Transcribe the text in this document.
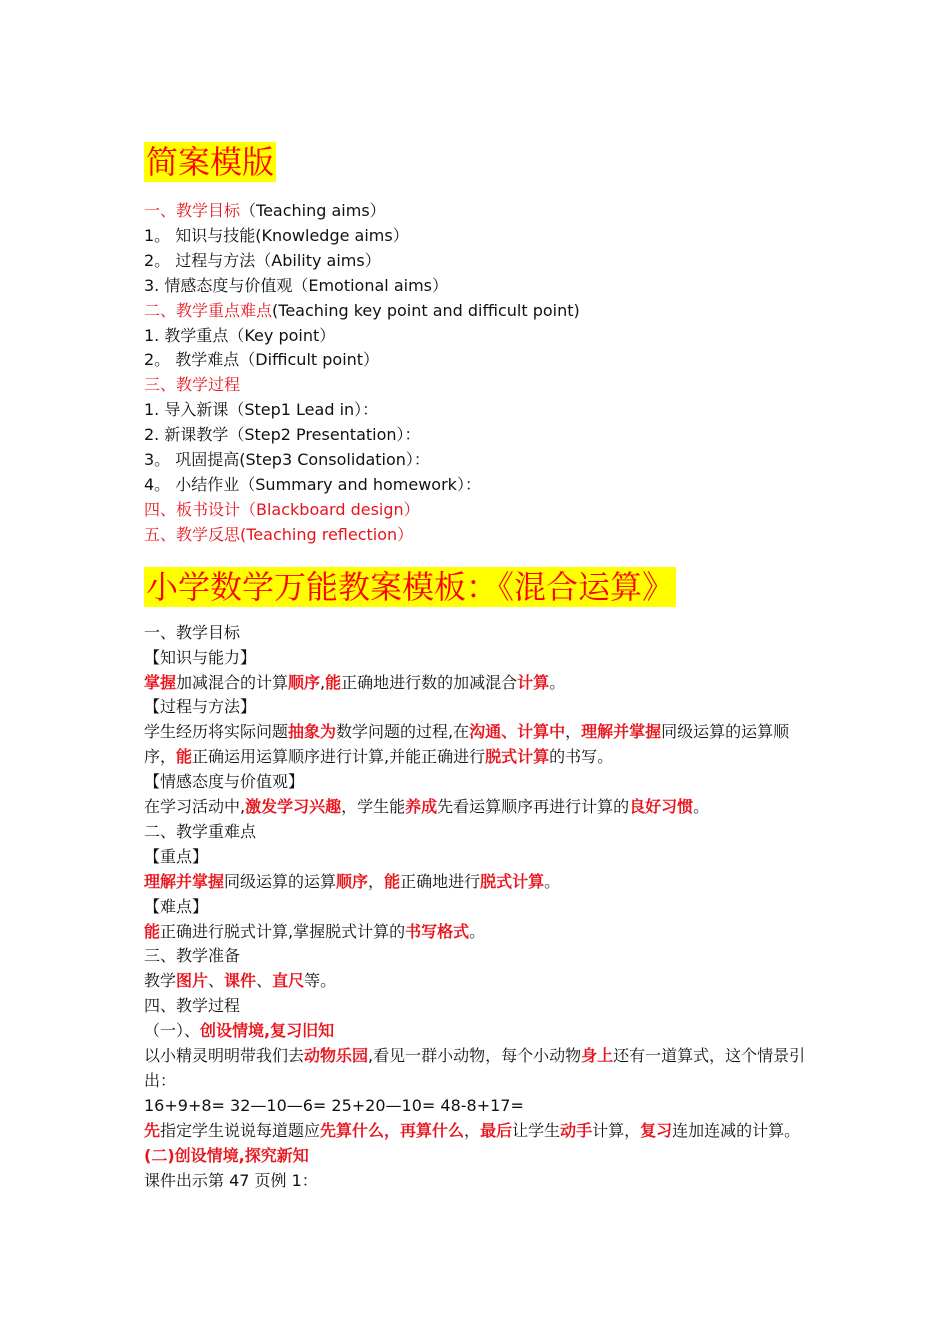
简案模版
一、教学目标（Teaching aims）
1。 知识与技能(Knowledge aims）
2。 过程与方法（Ability aims）
3. 情感态度与价值观（Emotional aims）
二、教学重点难点(Teaching key point and difficult point)
1. 教学重点（Key point）
2。 教学难点（Difficult point）
三、教学过程
1. 导入新课（Step1 Lead in）：
2. 新课教学（Step2 Presentation）：
3。 巩固提高(Step3 Consolidation）：
4。 小结作业（Summary and homework）：
四、板书设计（Blackboard design）
五、教学反思(Teaching reflection）
小学数学万能教案模板：《混合运算》
一、教学目标
【知识与能力】
掌握加减混合的计算顺序,能正确地进行数的加减混合计算。
【过程与方法】
学生经历将实际问题抽象为数学问题的过程,在沟通、计算中，理解并掌握同级运算的运算顺序，能正确运用运算顺序进行计算,并能正确进行脱式计算的书写。
【情感态度与价值观】
在学习活动中,激发学习兴趣，学生能养成先看运算顺序再进行计算的良好习惯。
二、教学重难点
【重点】
理解并掌握同级运算的运算顺序，能正确地进行脱式计算。
【难点】
能正确进行脱式计算,掌握脱式计算的书写格式。
三、教学准备
教学图片、课件、直尺等。
四、教学过程
（一）、创设情境,复习旧知
以小精灵明明带我们去动物乐园,看见一群小动物，每个小动物身上还有一道算式，这个情景引出：
16+9+8= 32—10—6= 25+20—10= 48-8+17=
先指定学生说说每道题应先算什么，再算什么，最后让学生动手计算，复习连加连减的计算。
(二)创设情境,探究新知
课件出示第 47 页例 1：
